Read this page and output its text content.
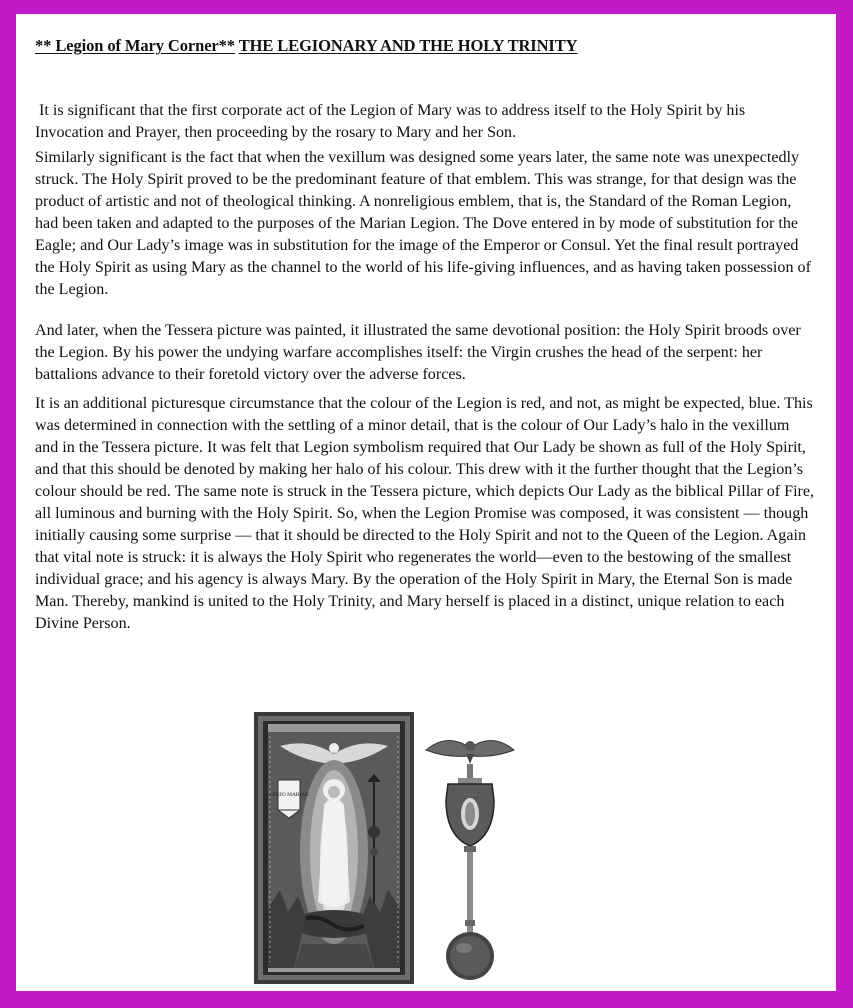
** Legion of Mary Corner** THE LEGIONARY AND THE HOLY TRINITY

It is significant that the first corporate act of the Legion of Mary was to address itself to the Holy Spirit by his Invocation and Prayer, then proceeding by the rosary to Mary and her Son.

Similarly significant is the fact that when the vexillum was designed some years later, the same note was unexpectedly struck. The Holy Spirit proved to be the predominant feature of that emblem. This was strange, for that design was the product of artistic and not of theological thinking. A nonreligious emblem, that is, the Standard of the Roman Legion, had been taken and adapted to the purposes of the Marian Legion. The Dove entered in by mode of substitution for the Eagle; and Our Lady’s image was in substitution for the image of the Emperor or Consul. Yet the final result portrayed the Holy Spirit as using Mary as the channel to the world of his life-giving influences, and as having taken possession of the Legion.

And later, when the Tessera picture was painted, it illustrated the same devotional position: the Holy Spirit broods over the Legion. By his power the undying warfare accomplishes itself: the Virgin crushes the head of the serpent: her battalions advance to their foretold victory over the adverse forces.

It is an additional picturesque circumstance that the colour of the Legion is red, and not, as might be expected, blue. This was determined in connection with the settling of a minor detail, that is the colour of Our Lady’s halo in the vexillum and in the Tessera picture. It was felt that Legion symbolism required that Our Lady be shown as full of the Holy Spirit, and that this should be denoted by making her halo of his colour. This drew with it the further thought that the Legion’s colour should be red. The same note is struck in the Tessera picture, which depicts Our Lady as the biblical Pillar of Fire, all luminous and burning with the Holy Spirit. So, when the Legion Promise was composed, it was consistent — though initially causing some surprise — that it should be directed to the Holy Spirit and not to the Queen of the Legion. Again that vital note is struck: it is always the Holy Spirit who regenerates the world—even to the bestowing of the smallest individual grace; and his agency is always Mary. By the operation of the Holy Spirit in Mary, the Eternal Son is made Man. Thereby, mankind is united to the Holy Trinity, and Mary herself is placed in a distinct, unique relation to each Divine Person.

LEGIO MARIAE	· · · · ·
